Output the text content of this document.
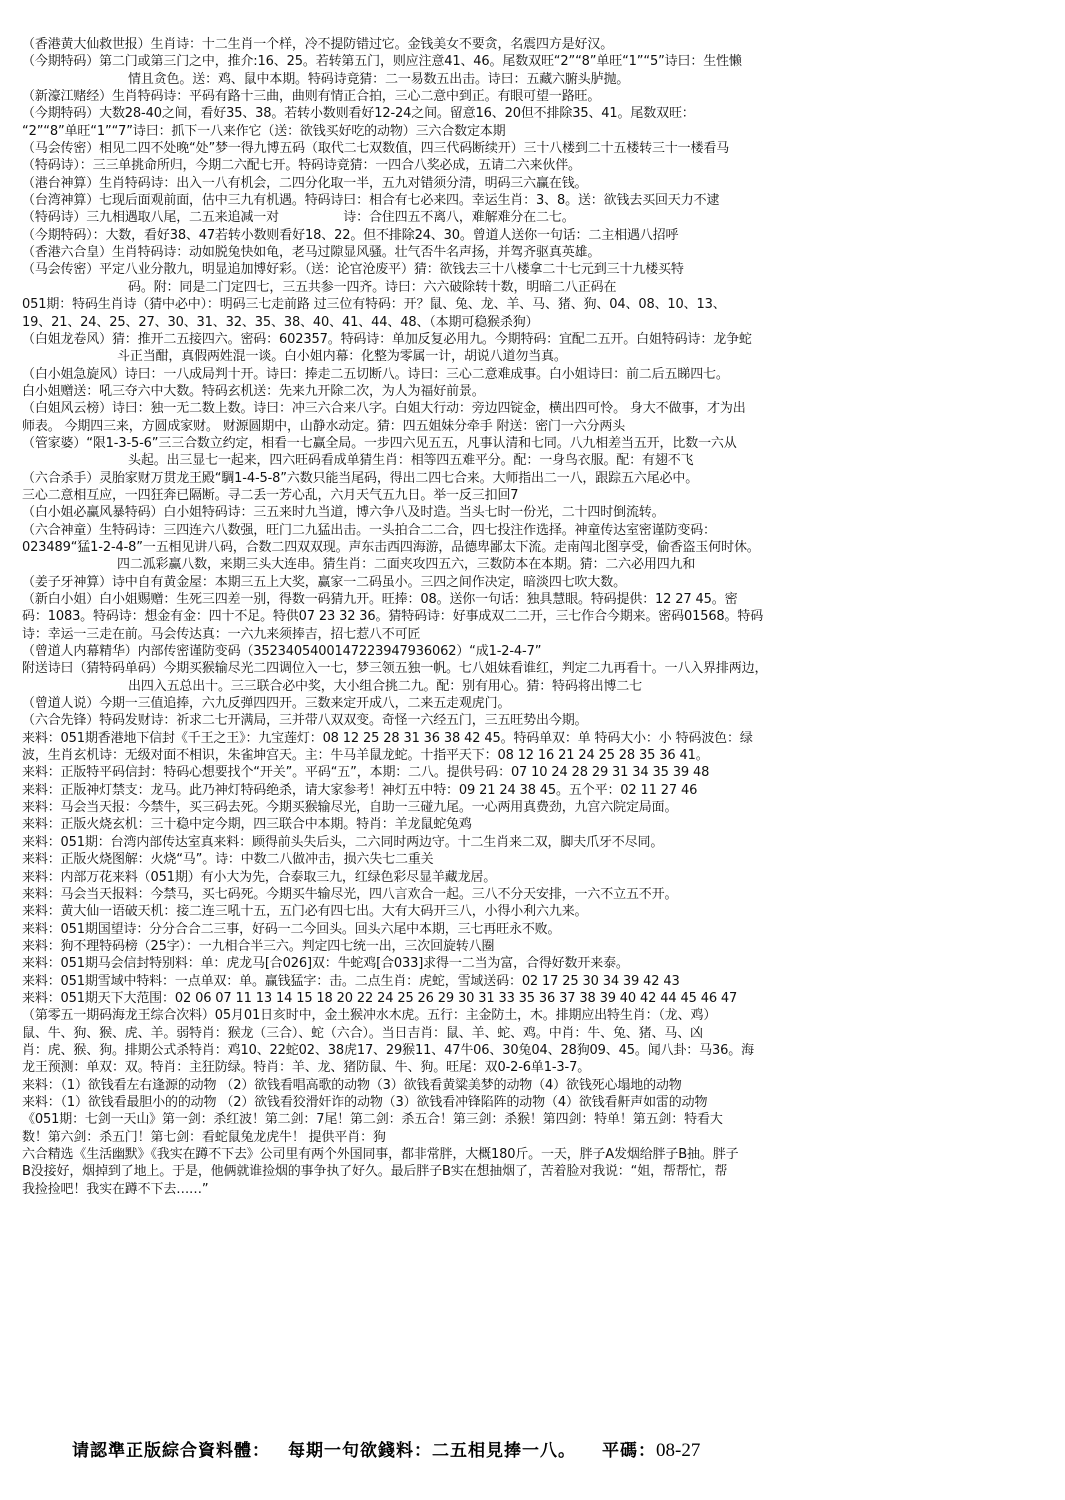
（香港黄大仙救世报）生肖诗：十二生肖一个样，冷不提防错过它。金钱美女不要贪，名震四方是好汉。
（今期特码）第二门或第三门之中，推介:16、25。若转第五门，则应注意41、46。尾数双旺“2”“8”单旺“1”“5”诗曰：生性懒
情且贪色。送：鸡、鼠中本期。特码诗竟猜：二一易数五出击。诗曰：五藏六腑头胪抛。
（新濠江赌经）生肖特码诗：平码有路十三曲，曲则有情正合拍，三心二意中到正。有眼可望一路旺。
（今期特码）大数28-40之间，看好35、38。若转小数则看好12-24之间。留意16、20但不排除35、41。尾数双旺：
“2”“8”单旺“1”“7”诗曰：抓下一八来作它（送：欲钱买好吃的动物）三六合数定本期
（马会传密）相见二四不处晚“处”梦一得九博五码（取代二七双数值，四三代码断续开）三十八楼到二十五楼转三十一楼看马
（特码诗）：三三单挑命所归，今期二六配七开。特码诗竟猜：一四合八奖必成，五请二六来伙伴。
（港台神算）生肖特码诗：出入一八有机会，二四分化取一半，五九对错须分清，明码三六赢在钱。
（台湾神算）七现后面观前面，估中三九有机遇。特码诗曰：相合有七必来四。幸运生肖：3、8。送：欲钱去买回天力不逮
（特码诗）三九相遇取八尾，二五来追减一对　　　　　诗：合住四五不离八，难解难分在二七。
（今期特码）：大数，看好38、47若转小数则看好18、22。但不排除24、30。曾道人送你一句话：二主相遇八招呼
（香港六合皇）生肖特码诗：动如脱兔快如龟，老马过隙显风骚。壮气否牛名声扬，并驾齐驱真英雄。
（马会传密）平定八业分散九，明显追加博好彩。（送：论官沧废平）猜：欲钱去三十八楼拿二十七元到三十九楼买特
码。附：同是二门定四七，三五共参一四齐。诗曰：六六破除转十数，明暗二八正码在
051期：特码生肖诗（猜中必中）：明码三七走前路 过三位有特码：开？鼠、兔、龙、羊、马、猪、狗、04、08、10、13、
19、21、24、25、27、30、31、32、35、38、40、41、44、48、（本期可稳猴杀狗）
（白姐龙卷风）猜：推开二五接四六。密码：602357。特码诗：单加反复必用九。今期特码：宜配二五开。白姐特码诗：龙争蛇
斗正当酣，真假两姓混一谈。白小姐内幕：化整为零属一计，胡说八道勿当真。
（白小姐急旋风）诗曰：一八成局判十开。诗曰：捧走二五切断八。诗曰：三心二意难成事。白小姐诗曰：前二后五睇四七。
白小姐赠送：吼三夺六中大数。特码玄机送：先来九开除二次，为人为福好前景。
（白姐风云榜）诗曰：独一无二数上数。诗曰：冲三六合来八字。白姐大行动：旁边四锭金，横出四可怜。 身大不做事，才为出
师表。 今期四三来，方圆成家财。 财源圆期中，山静水动定。猜：四五姐妹分牵手 附送：密门一六分两头
（管家婆）“限1-3-5-6”三三合数立约定，相看一七赢全局。一步四六见五五，凡事认清和七同。八九相差当五开，比数一六从
头起。出三显七一起来，四六旺码看成单猜生肖：相等四五难平分。配：一身鸟衣服。配：有翅不飞
（六合杀手）灵胎家财万贯龙王殿“騆1-4-5-8”六数只能当尾码，得出二四七合来。大师指出二一八，跟踪五六尾必中。
三心二意相互应，一四狂奔已隔断。寻二丢一芳心乱，六月天气五九日。举一反三扣回7
（白小姐必赢风暴特码）白小姐特码诗：三五来时九当道，博六争八及时造。当头七时一份光，二十四时倒流转。
（六合神童）生特码诗：三四连六八数强，旺门二九猛出击。一头拍合二二合，四七投注作选择。神童传达室密谨防变码：
023489“猛1-2-4-8”一五相见讲八码，合数二四双双现。声东击西四海游，品德卑鄙太下流。走南闯北图享受，偷香盗玉何时休。
四二泒彩赢八数，来期三头大连串。猜生肖：二面夹攻四五六，三数防本在本期。猜：二六必用四九和
（姜子牙神算）诗中自有黄金屋：本期三五上大奖，赢家一二码虽小。三四之间作决定，暗淡四七吹大数。
（新白小姐）白小姐赐赠：生死三四差一别，得数一码猜九开。旺捧：08。送你一句话：独具慧眼。特码提供：12 27 45。密
码：1083。特码诗：想金有金：四十不足。特供07 23 32 36。猜特码诗：好事成双二二开，三七作合今期来。密码01568。特码
诗：幸运一三走在前。马会传达真：一六九来须捧吉，招七惹八不可匠
（曾道人内幕精华）内部传密谨防变码（35234054001472239479360​62）“成1-2-4-7”
附送诗曰（猜特码单码）今期买猴输尽光二四调位入一七，梦三领五独一帆。七八姐妹看谁红，判定二九再看十。一八入界排两边，
出四入五总出十。三三联合必中奖，大小组合挑二九。配：别有用心。猜：特码将出博二七
（曾道人说）今期一三值追捧，六九反弹四四开。三数来定开成八，二来五走观虎门。
（六合先锋）特码发财诗：祈求二七开满局，三并带八双双变。奇怪一六经五门，三五旺势出今期。
来料：051期香港地下信封《千王之王》：九宝莲灯：08 12 25 28 31 36 38 42 45。特码单双：单 特码大小：小 特码波色：绿
波，生肖玄机诗：无级对面不相识，朱雀坤宫天。主：牛马羊鼠龙蛇。十指平天下：08 12 16 21 24 25 28 35 36 41。
来料：正版特平码信封：特码心想要找个“开关”。平码“五”，本期：二八。提供号码：07 10 24 28 29 31 34 35 39 48
来料：正版神灯禁支：龙马。此乃神灯特码绝杀，请大家参考！神灯五中特：09 21 24 38 45。五个平：02 11 27 46
来料：马会当天报：今禁牛，买三码去死。今期买猴输尽光，自助一三碰九尾。一心两用真费劲，九宫六院定局面。
来料：正版火烧玄机：三十稳中定今期，四三联合中本期。特肖：羊龙鼠蛇兔鸡
来料：051期：台湾内部传达室真来料：顾得前头失后头，二六同时两边守。十二生肖来二双，脚夫爪牙不尽同。
来料：正版火烧图解：火烧“马”。诗：中数二八做冲击，损六失七二重关
来料：内部万花来料（051期）有小大为先，合泰取三九，红绿色彩尽显羊藏龙居。
来料：马会当天报料：今禁马，买七码死。今期买牛输尽光，四八言欢合一起。三八不分天安排，一六不立五不开。
来料：黄大仙一语破天机：接二连三吼十五，五门必有四七出。大有大码开三八，小得小利六九来。
来料：051期国望诗：分分合合二三事，好码一二今回头。回头六尾中本期，三七再旺永不败。
来料：狗不理特码榜（25字）：一九相合半三六。判定四七统一出，三次回旋转八圈
来料：051期马会信封特别料：单：虎龙马[合026]双：牛蛇鸡[合033]求得一二当为富，合得好数开来泰。
来料：051期雪域中特料：一点单双：单。赢钱猛字：击。二点生肖：虎蛇，雪域送码：02 17 25 30 34 39 42 43
来料：051期天下大范围：02 06 07 11 13 14 15 18 20 22 24 25 26 29 30 31 33 35 36 37 38 39 40 42 44 45 46 47
（第零五一期码海龙王综合次料）05月01日亥时中，金土猴冲水木虎。五行：主金防土，木。排期应出特生肖：（龙、鸡）
鼠、牛、狗、猴、虎、羊。弱特肖：猴龙（三合）、蛇（六合）。当日吉肖：鼠、羊、蛇、鸡。中肖：牛、兔、猪、马、凶
肖：虎、猴、狗。排期公式杀特肖：鸡10、22蛇02、38虎17、29猴11、47牛06、30兔04、28狗09、45。闻八卦：马36。海
龙王预测：单双：双。特肖：主狂防绿。特肖：羊、龙、猪防鼠、牛、狗。旺尾：双0-2-6单1-3-7。
来料：（1）欲钱看左右逢源的动物 （2）欲钱看唱高歌的动物（3）欲钱看黄粱美梦的动物（4）欲钱死心塌地的动物
来料：（1）欲钱看最胆小的的动物 （2）欲钱看狡滑奸诈的动物（3）欲钱看冲锋陷阵的动物（4）欲钱看鼾声如雷的动物
《051期：七剑一天山》第一剑：杀红波！第二剑：7尾！第二剑：杀五合！第三剑：杀猴！第四剑：特单！第五剑：特看大
数！第六剑：杀五门！第七剑：看蛇鼠兔龙虎牛！ 提供平肖：狗
六合精选《生活幽默》《我实在蹲不下去》公司里有两个外国同事，都非常胖，大概180斤。一天，胖子A发烟给胖子B抽。胖子
B没接好，烟掉到了地上。于是，他俩就谁捡烟的事争执了好久。最后胖子B实在想抽烟了，苦着脸对我说：“姐，帮帮忙，帮
我捡捡吧！我实在蹲不下去……”
请認準正版綜合資料體： 每期一句欲錢料：二五相見捧一八。 平碼：08-27
